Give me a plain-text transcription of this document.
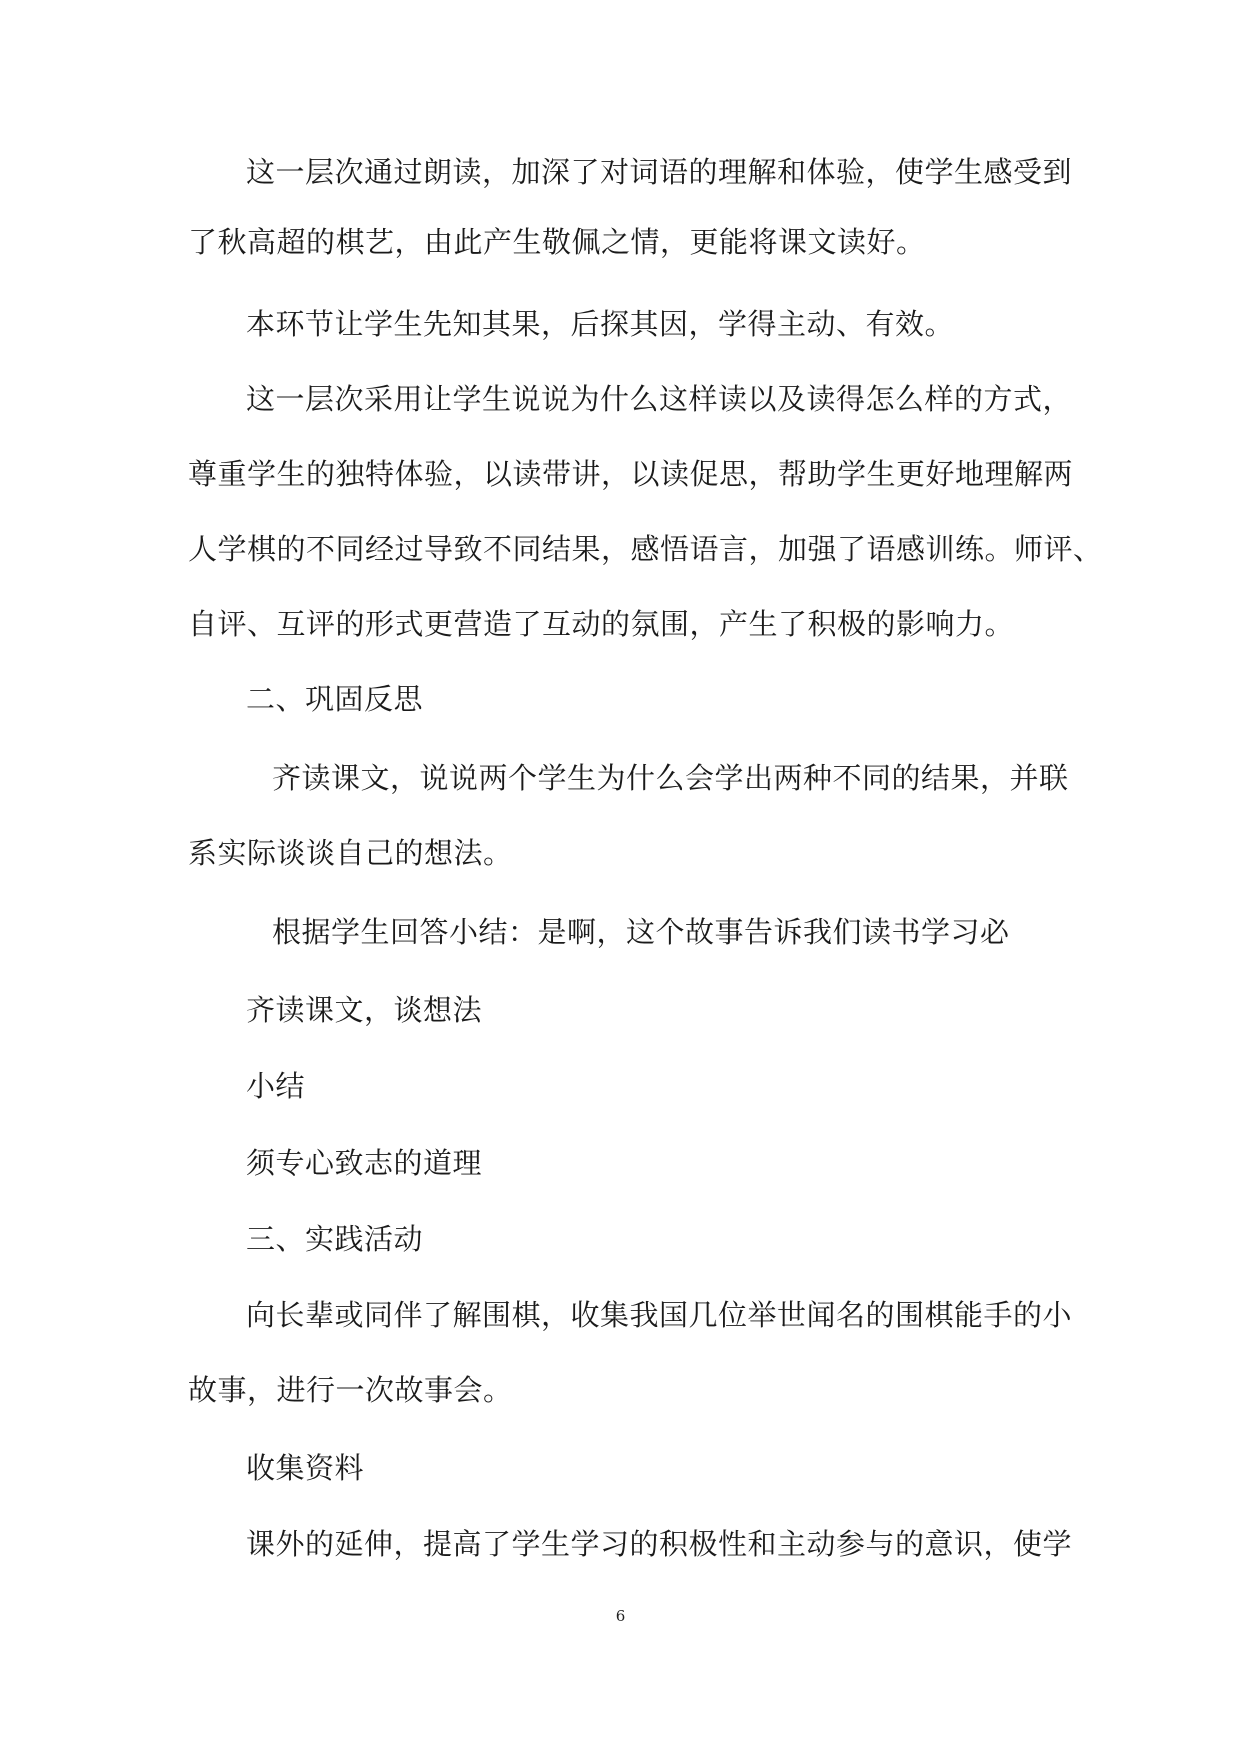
这一层次通过朗读，加深了对词语的理解和体验，使学生感受到
了秋高超的棋艺，由此产生敬佩之情，更能将课文读好。
本环节让学生先知其果，后探其因，学得主动、有效。
这一层次采用让学生说说为什么这样读以及读得怎么样的方式，
尊重学生的独特体验，以读带讲，以读促思，帮助学生更好地理解两
人学棋的不同经过导致不同结果，感悟语言，加强了语感训练。师评、
自评、互评的形式更营造了互动的氛围，产生了积极的影响力。
二、巩固反思
齐读课文，说说两个学生为什么会学出两种不同的结果，并联
系实际谈谈自己的想法。
根据学生回答小结：是啊，这个故事告诉我们读书学习必
齐读课文，谈想法
小结
须专心致志的道理
三、实践活动
向长辈或同伴了解围棋，收集我国几位举世闻名的围棋能手的小
故事，进行一次故事会。
收集资料
课外的延伸，提高了学生学习的积极性和主动参与的意识，使学
6
